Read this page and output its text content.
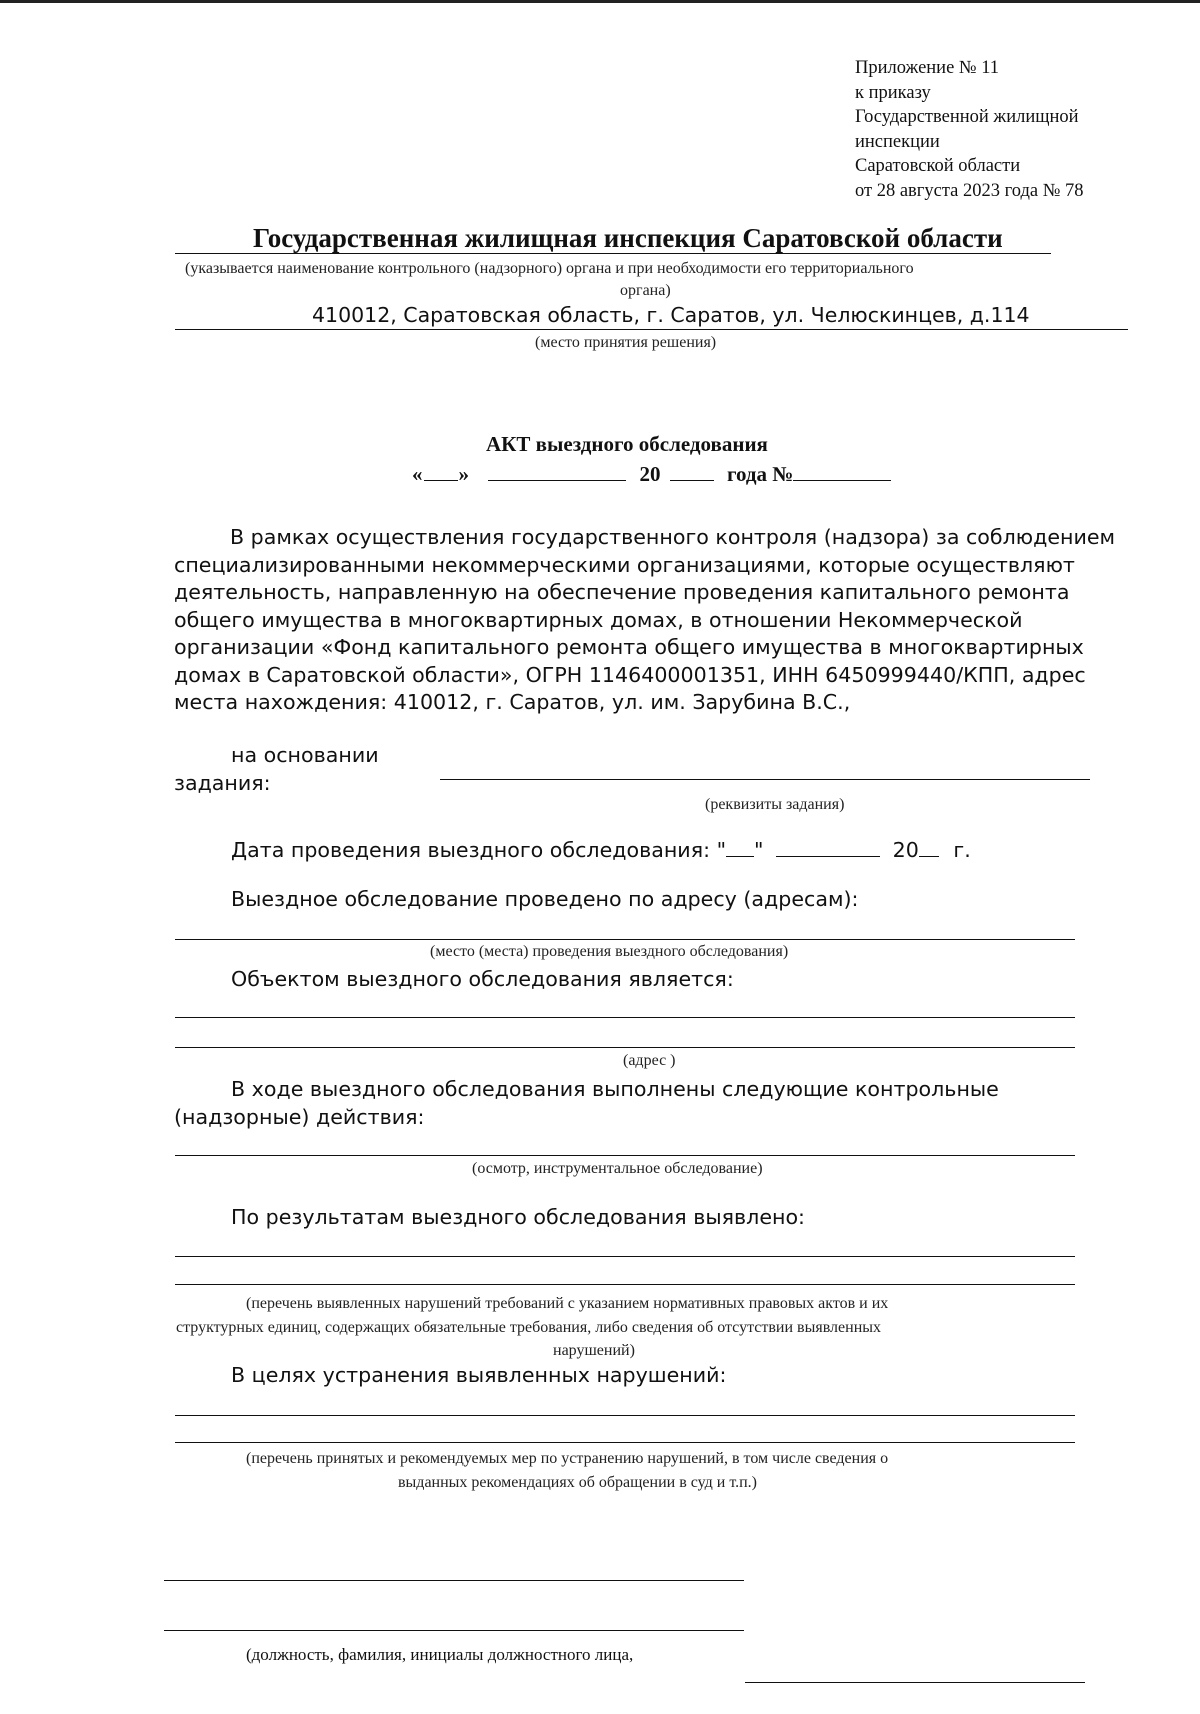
Приложение № 11
к приказу
Государственной жилищной
инспекции
Саратовской области
от 28 августа 2023 года № 78
Государственная жилищная инспекция Саратовской области
(указывается наименование контрольного (надзорного) органа и при необходимости его территориального
органа)
410012, Саратовская область, г. Саратов, ул. Челюскинцев, д.114
(место принятия решения)
АКТ выездного обследования
« »	20	года №
В рамках осуществления государственного контроля (надзора) за соблюдением
специализированными некоммерческими организациями, которые осуществляют
деятельность, направленную на обеспечение проведения капитального ремонта
общего имущества в многоквартирных домах, в отношении Некоммерческой
организации «Фонд капитального ремонта общего имущества в многоквартирных
домах в Саратовской области», ОГРН 1146400001351, ИНН 6450999440/КПП, адрес
места нахождения: 410012, г. Саратов, ул. им. Зарубина В.С.,
на основании
задания:
(реквизиты задания)
Дата проведения выездного обследования: " "	20 г.
Выездное обследование проведено по адресу (адресам):
(место (места) проведения выездного обследования)
Объектом выездного обследования является:
(адрес )
В ходе выездного обследования выполнены следующие контрольные
(надзорные) действия:
(осмотр, инструментальное обследование)
По результатам выездного обследования выявлено:
(перечень выявленных нарушений требований с указанием нормативных правовых актов и их
структурных единиц, содержащих обязательные требования, либо сведения об отсутствии выявленных
нарушений)
В целях устранения выявленных нарушений:
(перечень принятых и рекомендуемых мер по устранению нарушений, в том числе сведения о
выданных рекомендациях об обращении в суд и т.п.)
(должность, фамилия, инициалы должностного лица,
